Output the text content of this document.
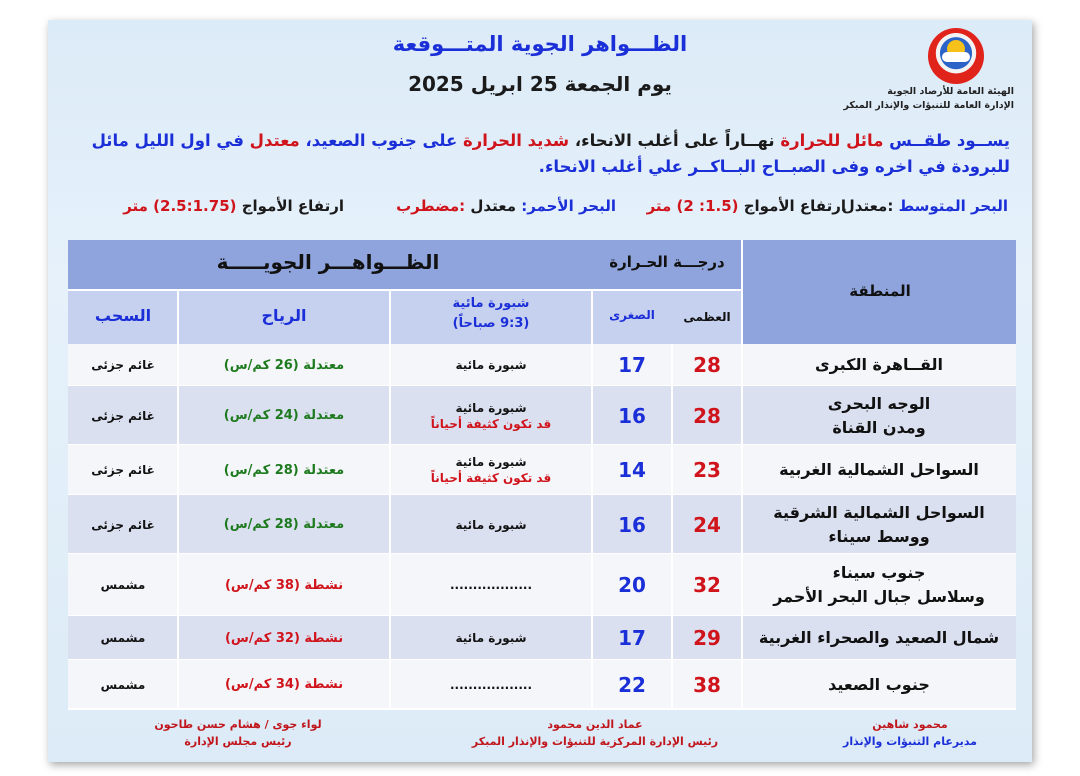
الهيئة العامة للأرصاد الجوية
الإدارة العامة للتنبؤات والإنذار المبكر
الظـــواهر الجوية المتـــوقعة
يوم الجمعة 25 ابريل 2025
يســود طقــس مائل للحرارة نهــاراً على أغلب الانحاء، شديد الحرارة على جنوب الصعيد، معتدل في اول الليل مائل للبرودة في اخره وفى الصبــاح البــاكــر علي أغلب الانحاء.
البحر المتوسط :معتدل
ارتفاع الأمواج (1.5: 2) متر
البحر الأحمر: معتدل :مضطرب
ارتفاع الأمواج (2.5:1.75) متر
المنطقة
درجـــة الحـرارة
الظـــواهـــر الجويـــــة
العظمى
الصغرى
شبورة مائية
(9:3 صباحاً)
الرياح
السحب
القــاهرة الكبرى
28
17
شبورة مائية
معتدلة (26 كم/س)
غائم جزئى
الوجه البحرى
ومدن القناة
28
16
شبورة مائية
قد تكون كثيفة أحياناً
معتدلة (24 كم/س)
غائم جزئى
السواحل الشمالية الغربية
23
14
شبورة مائية
قد تكون كثيفة أحياناً
معتدلة (28 كم/س)
غائم جزئى
السواحل الشمالية الشرقية
ووسط سيناء
24
16
شبورة مائية
معتدلة (28 كم/س)
غائم جزئى
جنوب سيناء
وسلاسل جبال البحر الأحمر
32
20
..................
نشطة (38 كم/س)
مشمس
شمال الصعيد والصحراء الغربية
29
17
شبورة مائية
نشطة (32 كم/س)
مشمس
جنوب الصعيد
38
22
..................
نشطة (34 كم/س)
مشمس
محمود شاهين
مديرعام التنبؤات والإنذار
عماد الدين محمود
رئيس الإدارة المركزية للتنبؤات والإنذار المبكر
لواء جوى / هشام حسن طاحون
رئيس مجلس الإدارة
